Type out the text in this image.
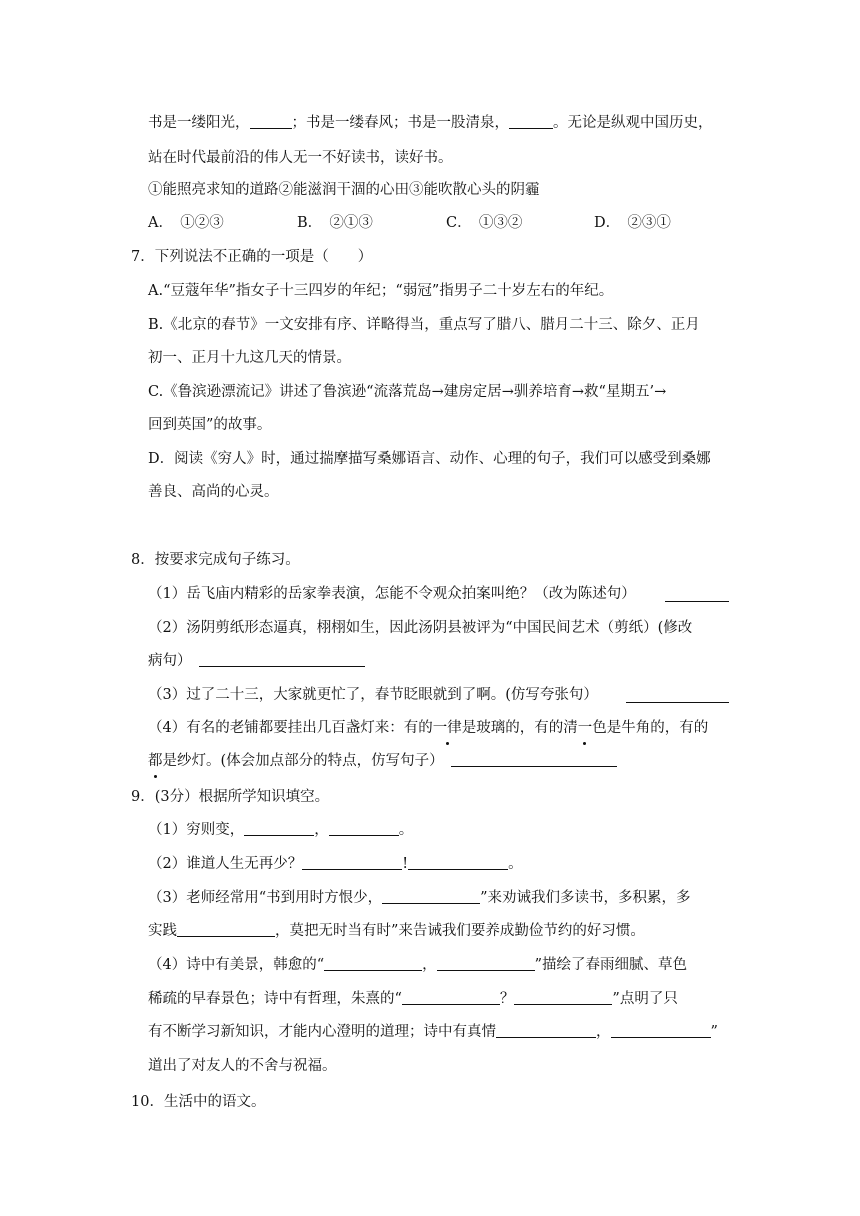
书是一缕阳光，	；书是一缕春风；书是一股清泉，	。无论是纵观中国历史，
站在时代最前沿的伟人无一不好读书，读好书。
①能照亮求知的道路②能滋润干涸的心田③能吹散心头的阴霾
A．　 ①②③	B．　 ②①③	C．　 ①③②	D．　 ②③①
7．下列说法不正确的一项是（　　）
A.“豆蔻年华”指女子十三四岁的年纪；“弱冠”指男子二十岁左右的年纪。
B.《北京的春节》一文安排有序、详略得当，重点写了腊八、腊月二十三、除夕、正月
初一、正月十九这几天的情景。
C.《鲁滨逊漂流记》讲述了鲁滨逊“流落荒岛→建房定居→驯养培育→救“星期五’→
回到英国”的故事。
D．阅读《穷人》时，通过揣摩描写桑娜语言、动作、心理的句子，我们可以感受到桑娜
善良、高尚的心灵。
8．按要求完成句子练习。
（1）岳飞庙内精彩的岳家拳表演，怎能不令观众拍案叫绝？（改为陈述句）
（2）汤阴剪纸形态逼真，栩栩如生，因此汤阴县被评为“中国民间艺术（剪纸）(修改
病句）　
（3）过了二十三，大家就更忙了，春节眨眼就到了啊。(仿写夸张句）
（4）有名的老铺都要挂出几百盏灯来：有的一律是玻璃的，有的清一色是牛角的，有的
都是纱灯。(体会加点部分的特点，仿写句子）　
9．(3分）根据所学知识填空。
（1）穷则变，	，	。
（2）谁道人生无再少？	!	。
（3）老师经常用“书到用时方恨少，	”来劝诫我们多读书，多积累，多
实践	，莫把无时当有时”来告诫我们要养成勤俭节约的好习惯。
（4）诗中有美景，韩愈的“	，	”描绘了春雨细腻、草色
稀疏的早春景色；诗中有哲理，朱熹的“	？	”点明了只
有不断学习新知识，才能内心澄明的道理；诗中有真情	，	”
道出了对友人的不舍与祝福。
10．生活中的语文。
